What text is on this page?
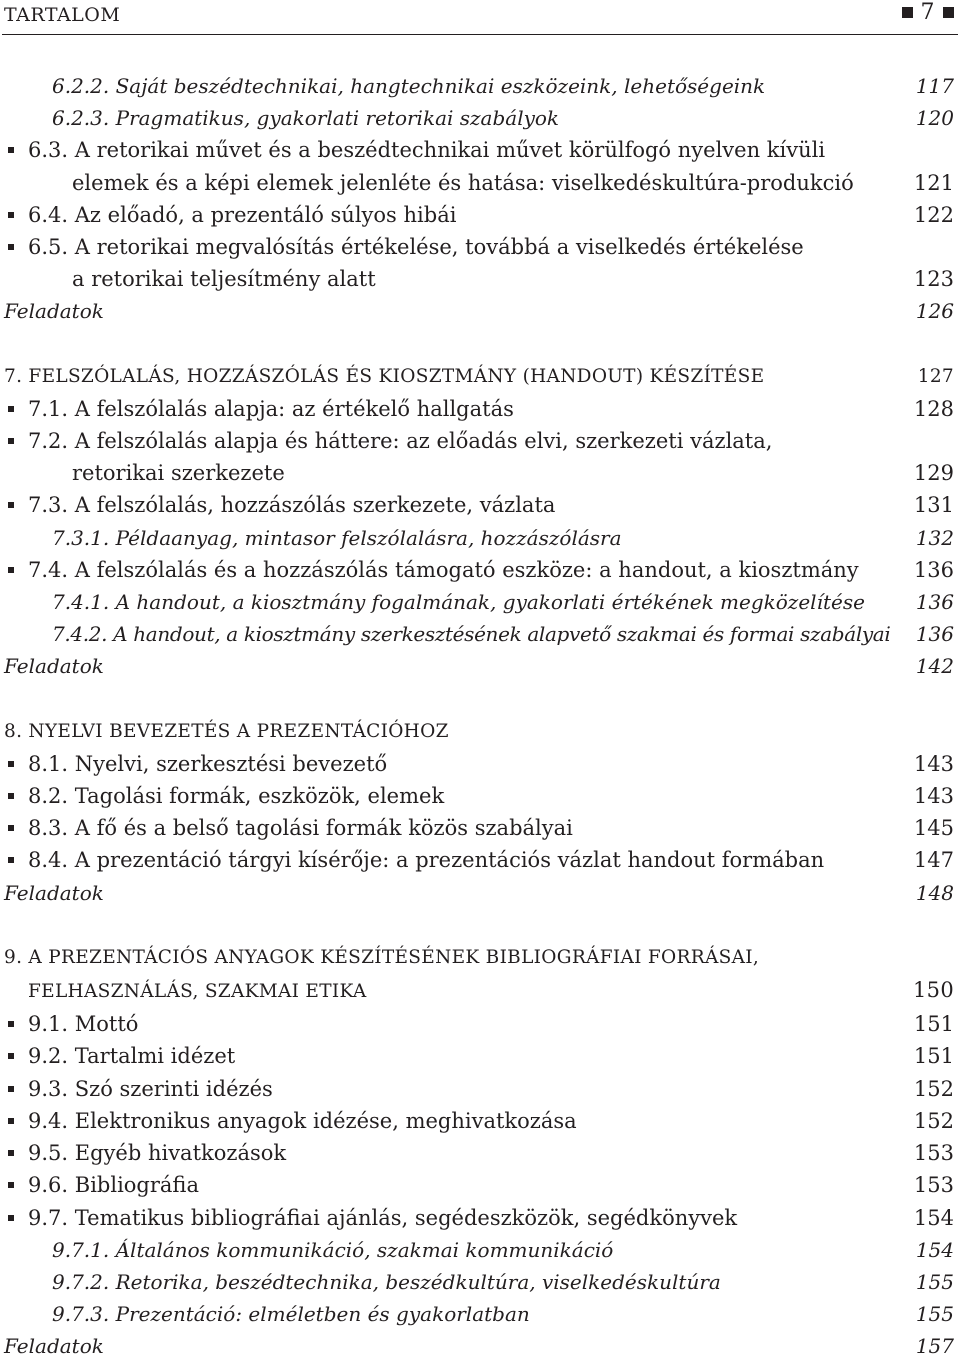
TARTALOM	7
6.2.2. Saját beszédtechnikai, hangtechnikai eszközeink, lehetőségeink	117
6.2.3. Pragmatikus, gyakorlati retorikai szabályok	120
6.3. A retorikai művet és a beszédtechnikai művet körülfogó nyelven kívüli
elemek és a képi elemek jelenléte és hatása: viselkedéskultúra-produkció	121
6.4. Az előadó, a prezentáló súlyos hibái	122
6.5. A retorikai megvalósítás értékelése, továbbá a viselkedés értékelése
a retorikai teljesítmény alatt	123
Feladatok	126
7. FELSZÓLALÁS, HOZZÁSZÓLÁS ÉS KIOSZTMÁNY (HANDOUT) KÉSZÍTÉSE	127
7.1. A felszólalás alapja: az értékelő hallgatás	128
7.2. A felszólalás alapja és háttere: az előadás elvi, szerkezeti vázlata,
retorikai szerkezete	129
7.3. A felszólalás, hozzászólás szerkezete, vázlata	131
7.3.1. Példaanyag, mintasor felszólalásra, hozzászólásra	132
7.4. A felszólalás és a hozzászólás támogató eszköze: a handout, a kiosztmány	136
7.4.1. A handout, a kiosztmány fogalmának, gyakorlati értékének megközelítése	136
7.4.2. A handout, a kiosztmány szerkesztésének alapvető szakmai és formai szabályai	136
Feladatok	142
8. NYELVI BEVEZETÉS A PREZENTÁCIÓHOZ
8.1. Nyelvi, szerkesztési bevezető	143
8.2. Tagolási formák, eszközök, elemek	143
8.3. A fő és a belső tagolási formák közös szabályai	145
8.4. A prezentáció tárgyi kísérője: a prezentációs vázlat handout formában	147
Feladatok	148
9. A PREZENTÁCIÓS ANYAGOK KÉSZÍTÉSÉNEK BIBLIOGRÁFIAI FORRÁSAI,
FELHASZNÁLÁS, SZAKMAI ETIKA	150
9.1. Mottó	151
9.2. Tartalmi idézet	151
9.3. Szó szerinti idézés	152
9.4. Elektronikus anyagok idézése, meghivatkozása	152
9.5. Egyéb hivatkozások	153
9.6. Bibliográfia	153
9.7. Tematikus bibliográfiai ajánlás, segédeszközök, segédkönyvek	154
9.7.1. Általános kommunikáció, szakmai kommunikáció	154
9.7.2. Retorika, beszédtechnika, beszédkultúra, viselkedéskultúra	155
9.7.3. Prezentáció: elméletben és gyakorlatban	155
Feladatok	157
